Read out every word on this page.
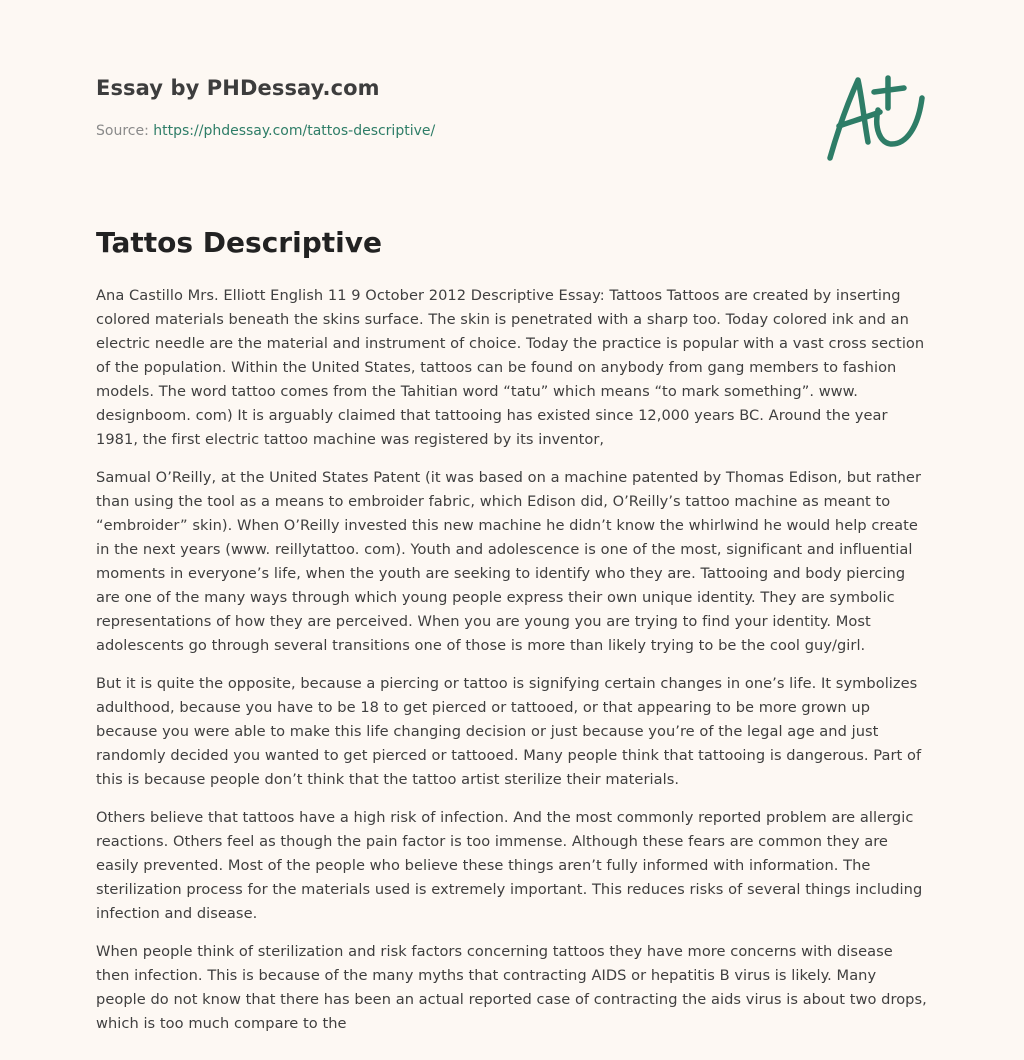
Essay by PHDessay.com
Source: https://phdessay.com/tattos-descriptive/
Tattos Descriptive

Ana Castillo Mrs. Elliott English 11 9 October 2012 Descriptive Essay: Tattoos Tattoos are created by inserting colored materials beneath the skins surface. The skin is penetrated with a sharp too. Today colored ink and an electric needle are the material and instrument of choice. Today the practice is popular with a vast cross section of the population. Within the United States, tattoos can be found on anybody from gang members to fashion models. The word tattoo comes from the Tahitian word “tatu” which means “to mark something”. www. designboom. com) It is arguably claimed that tattooing has existed since 12,000 years BC. Around the year 1981, the first electric tattoo machine was registered by its inventor,

Samual O’Reilly, at the United States Patent (it was based on a machine patented by Thomas Edison, but rather than using the tool as a means to embroider fabric, which Edison did, O’Reilly’s tattoo machine as meant to “embroider” skin). When O’Reilly invested this new machine he didn’t know the whirlwind he would help create in the next years (www. reillytattoo. com). Youth and adolescence is one of the most, significant and influential moments in everyone’s life, when the youth are seeking to identify who they are. Tattooing and body piercing are one of the many ways through which young people express their own unique identity. They are symbolic representations of how they are perceived. When you are young you are trying to find your identity. Most adolescents go through several transitions one of those is more than likely trying to be the cool guy/girl.

But it is quite the opposite, because a piercing or tattoo is signifying certain changes in one’s life. It symbolizes adulthood, because you have to be 18 to get pierced or tattooed, or that appearing to be more grown up because you were able to make this life changing decision or just because you’re of the legal age and just randomly decided you wanted to get pierced or tattooed. Many people think that tattooing is dangerous. Part of this is because people don’t think that the tattoo artist sterilize their materials.

Others believe that tattoos have a high risk of infection. And the most commonly reported problem are allergic reactions. Others feel as though the pain factor is too immense. Although these fears are common they are easily prevented. Most of the people who believe these things aren’t fully informed with information. The sterilization process for the materials used is extremely important. This reduces risks of several things including infection and disease.

When people think of sterilization and risk factors concerning tattoos they have more concerns with disease then infection. This is because of the many myths that contracting AIDS or hepatitis B virus is likely. Many people do not know that there has been an actual reported case of contracting the aids virus is about two drops, which is too much compare to the
